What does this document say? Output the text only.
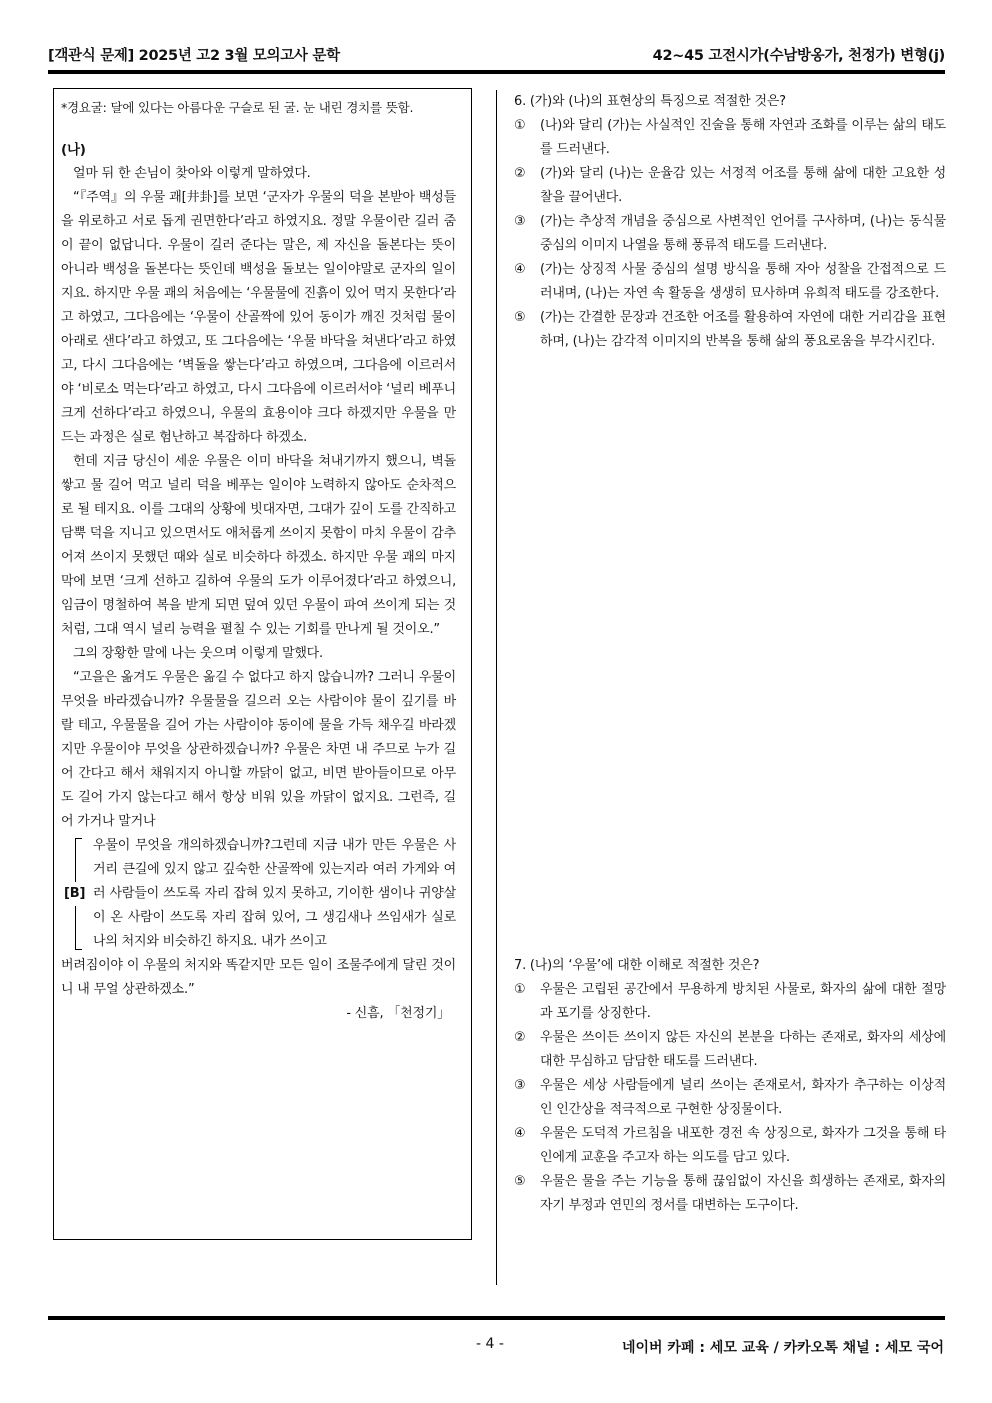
[객관식 문제] 2025년 고2 3월 모의고사 문학	42~45 고전시가(수남방옹가, 천정가) 변형(j)

*경요굴: 달에 있다는 아름다운 구슬로 된 굴. 눈 내린 경치를 뜻함.

(나)

얼마 뒤 한 손님이 찾아와 이렇게 말하였다.

“『주역』의 우물 괘[井卦]를 보면 ‘군자가 우물의 덕을 본받아 백성들을 위로하고 서로 돕게 권면한다’라고 하였지요. 정말 우물이란 길러 줌이 끝이 없답니다. 우물이 길러 준다는 말은, 제 자신을 돌본다는 뜻이 아니라 백성을 돌본다는 뜻인데 백성을 돌보는 일이야말로 군자의 일이지요. 하지만 우물 괘의 처음에는 ‘우물물에 진흙이 있어 먹지 못한다’라고 하였고, 그다음에는 ‘우물이 산골짝에 있어 동이가 깨진 것처럼 물이 아래로 샌다’라고 하였고, 또 그다음에는 ‘우물 바닥을 쳐낸다’라고 하였고, 다시 그다음에는 ‘벽돌을 쌓는다’라고 하였으며, 그다음에 이르러서야 ‘비로소 먹는다’라고 하였고, 다시 그다음에 이르러서야 ‘널리 베푸니 크게 선하다’라고 하였으니, 우물의 효용이야 크다 하겠지만 우물을 만드는 과정은 실로 험난하고 복잡하다 하겠소.

헌데 지금 당신이 세운 우물은 이미 바닥을 쳐내기까지 했으니, 벽돌 쌓고 물 길어 먹고 널리 덕을 베푸는 일이야 노력하지 않아도 순차적으로 될 테지요. 이를 그대의 상황에 빗대자면, 그대가 깊이 도를 간직하고 담뿍 덕을 지니고 있으면서도 애처롭게 쓰이지 못함이 마치 우물이 감추어져 쓰이지 못했던 때와 실로 비슷하다 하겠소. 하지만 우물 괘의 마지막에 보면 ‘크게 선하고 길하여 우물의 도가 이루어졌다’라고 하였으니, 임금이 명철하여 복을 받게 되면 덮여 있던 우물이 파여 쓰이게 되는 것처럼, 그대 역시 널리 능력을 펼칠 수 있는 기회를 만나게 될 것이오.”

그의 장황한 말에 나는 웃으며 이렇게 말했다.

“고을은 옮겨도 우물은 옮길 수 없다고 하지 않습니까? 그러니 우물이 무엇을 바라겠습니까? 우물물을 길으러 오는 사람이야 물이 깊기를 바랄 테고, 우물물을 길어 가는 사람이야 동이에 물을 가득 채우길 바라겠지만 우물이야 무엇을 상관하겠습니까? 우물은 차면 내 주므로 누가 길어 간다고 해서 채워지지 아니할 까닭이 없고, 비면 받아들이므로 아무도 길어 가지 않는다고 해서 항상 비워 있을 까닭이 없지요. 그런즉, 길어 가거나 말거나

[B]

우물이 무엇을 개의하겠습니까?그런데 지금 내가 만든 우물은 사거리 큰길에 있지 않고 깊숙한 산골짝에 있는지라 여러 가게와 여러 사람들이 쓰도록 자리 잡혀 있지 못하고, 기이한 샘이나 귀양살이 온 사람이 쓰도록 자리 잡혀 있어, 그 생김새나 쓰임새가 실로 나의 처지와 비슷하긴 하지요. 내가 쓰이고

버려짐이야 이 우물의 처지와 똑같지만 모든 일이 조물주에게 달린 것이니 내 무얼 상관하겠소.”

- 신흠, 「천정기」

6. (가)와 (나)의 표현상의 특징으로 적절한 것은?

① (나)와 달리 (가)는 사실적인 진술을 통해 자연과 조화를 이루는 삶의 태도를 드러낸다.

② (가)와 달리 (나)는 운율감 있는 서정적 어조를 통해 삶에 대한 고요한 성찰을 끌어낸다.

③ (가)는 추상적 개념을 중심으로 사변적인 언어를 구사하며, (나)는 동식물 중심의 이미지 나열을 통해 풍류적 태도를 드러낸다.

④ (가)는 상징적 사물 중심의 설명 방식을 통해 자아 성찰을 간접적으로 드러내며, (나)는 자연 속 활동을 생생히 묘사하며 유희적 태도를 강조한다.

⑤ (가)는 간결한 문장과 건조한 어조를 활용하여 자연에 대한 거리감을 표현하며, (나)는 감각적 이미지의 반복을 통해 삶의 풍요로움을 부각시킨다.

7. (나)의 ‘우물’에 대한 이해로 적절한 것은?

① 우물은 고립된 공간에서 무용하게 방치된 사물로, 화자의 삶에 대한 절망과 포기를 상징한다.

② 우물은 쓰이든 쓰이지 않든 자신의 본분을 다하는 존재로, 화자의 세상에 대한 무심하고 담담한 태도를 드러낸다.

③ 우물은 세상 사람들에게 널리 쓰이는 존재로서, 화자가 추구하는 이상적인 인간상을 적극적으로 구현한 상징물이다.

④ 우물은 도덕적 가르침을 내포한 경전 속 상징으로, 화자가 그것을 통해 타인에게 교훈을 주고자 하는 의도를 담고 있다.

⑤ 우물은 물을 주는 기능을 통해 끊임없이 자신을 희생하는 존재로, 화자의 자기 부정과 연민의 정서를 대변하는 도구이다.

- 4 -	네이버 카페 : 세모 교육 / 카카오톡 채널 : 세모 국어
